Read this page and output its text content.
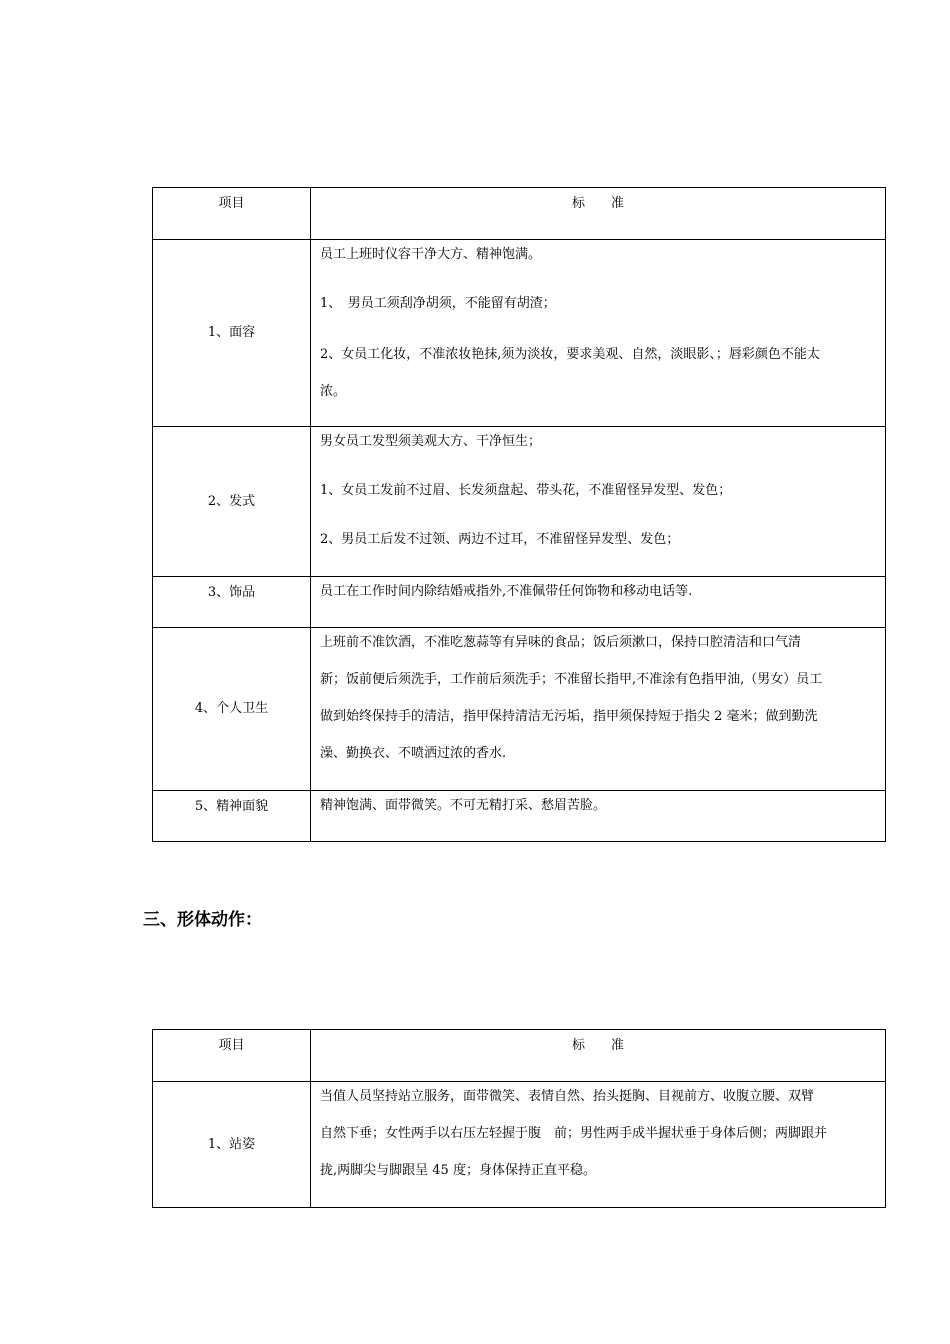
项目	标　　准
1、面容	员工上班时仪容干净大方、精神饱满。
1、　男员工须刮净胡须，不能留有胡渣；
2、女员工化妆，不准浓妆艳抹,须为淡妆，要求美观、自然，淡眼影、；唇彩颜色不能太
浓。

2、发式	男女员工发型须美观大方、干净恒生；
1、女员工发前不过眉、长发须盘起、带头花，不准留怪异发型、发色；
2、男员工后发不过领、两边不过耳，不准留怪异发型、发色；

3、饰品	员工在工作时间内除结婚戒指外,不准佩带任何饰物和移动电话等.

4、个人卫生	上班前不准饮酒，不准吃葱蒜等有异味的食品；饭后须漱口，保持口腔清洁和口气清
新；饭前便后须洗手，工作前后须洗手；不准留长指甲,不准涂有色指甲油,（男女）员工
做到始终保持手的清洁，指甲保持清洁无污垢，指甲须保持短于指尖 2 毫米；做到勤洗
澡、勤换衣、不喷洒过浓的香水.

5、精神面貌	精神饱满、面带微笑。不可无精打采、愁眉苦脸。
三、形体动作：
项目	标　　准
1、站姿	当值人员坚持站立服务，面带微笑、表情自然、抬头挺胸、目视前方、收腹立腰、双臂
自然下垂；女性两手以右压左轻握于腹　前；男性两手成半握状垂于身体后侧；两脚跟并
拢,两脚尖与脚跟呈 45 度；身体保持正直平稳。
